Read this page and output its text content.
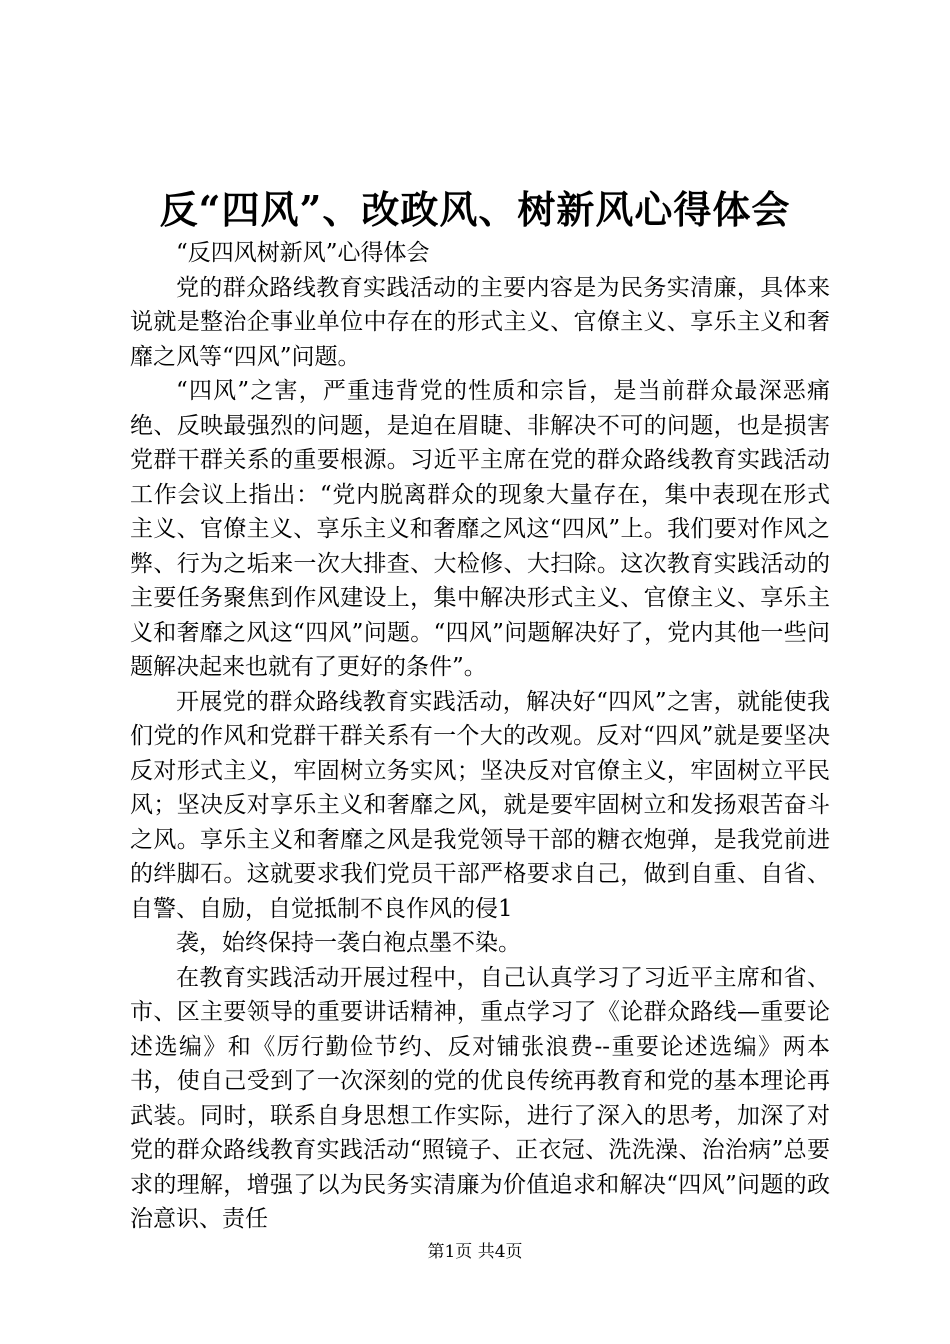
反“四风”、改政风、树新风心得体会

“反四风树新风”心得体会

党的群众路线教育实践活动的主要内容是为民务实清廉，具体来说就是整治企事业单位中存在的形式主义、官僚主义、享乐主义和奢靡之风等“四风”问题。

“四风”之害，严重违背党的性质和宗旨，是当前群众最深恶痛绝、反映最强烈的问题，是迫在眉睫、非解决不可的问题，也是损害党群干群关系的重要根源。习近平主席在党的群众路线教育实践活动工作会议上指出：“党内脱离群众的现象大量存在，集中表现在形式主义、官僚主义、享乐主义和奢靡之风这“四风”上。我们要对作风之弊、行为之垢来一次大排查、大检修、大扫除。这次教育实践活动的主要任务聚焦到作风建设上，集中解决形式主义、官僚主义、享乐主义和奢靡之风这“四风”问题。“四风”问题解决好了，党内其他一些问题解决起来也就有了更好的条件”。

开展党的群众路线教育实践活动，解决好“四风”之害，就能使我们党的作风和党群干群关系有一个大的改观。反对“四风”就是要坚决反对形式主义，牢固树立务实风；坚决反对官僚主义，牢固树立平民风；坚决反对享乐主义和奢靡之风，就是要牢固树立和发扬艰苦奋斗之风。享乐主义和奢靡之风是我党领导干部的糖衣炮弹，是我党前进的绊脚石。这就要求我们党员干部严格要求自己，做到自重、自省、自警、自励，自觉抵制不良作风的侵1

袭，始终保持一袭白袍点墨不染。

在教育实践活动开展过程中，自己认真学习了习近平主席和省、市、区主要领导的重要讲话精神，重点学习了《论群众路线—重要论述选编》和《厉行勤俭节约、反对铺张浪费--重要论述选编》两本书，使自己受到了一次深刻的党的优良传统再教育和党的基本理论再武装。同时，联系自身思想工作实际，进行了深入的思考，加深了对党的群众路线教育实践活动“照镜子、正衣冠、洗洗澡、治治病”总要求的理解，增强了以为民务实清廉为价值追求和解决“四风”问题的政治意识、责任

第1页 共4页
